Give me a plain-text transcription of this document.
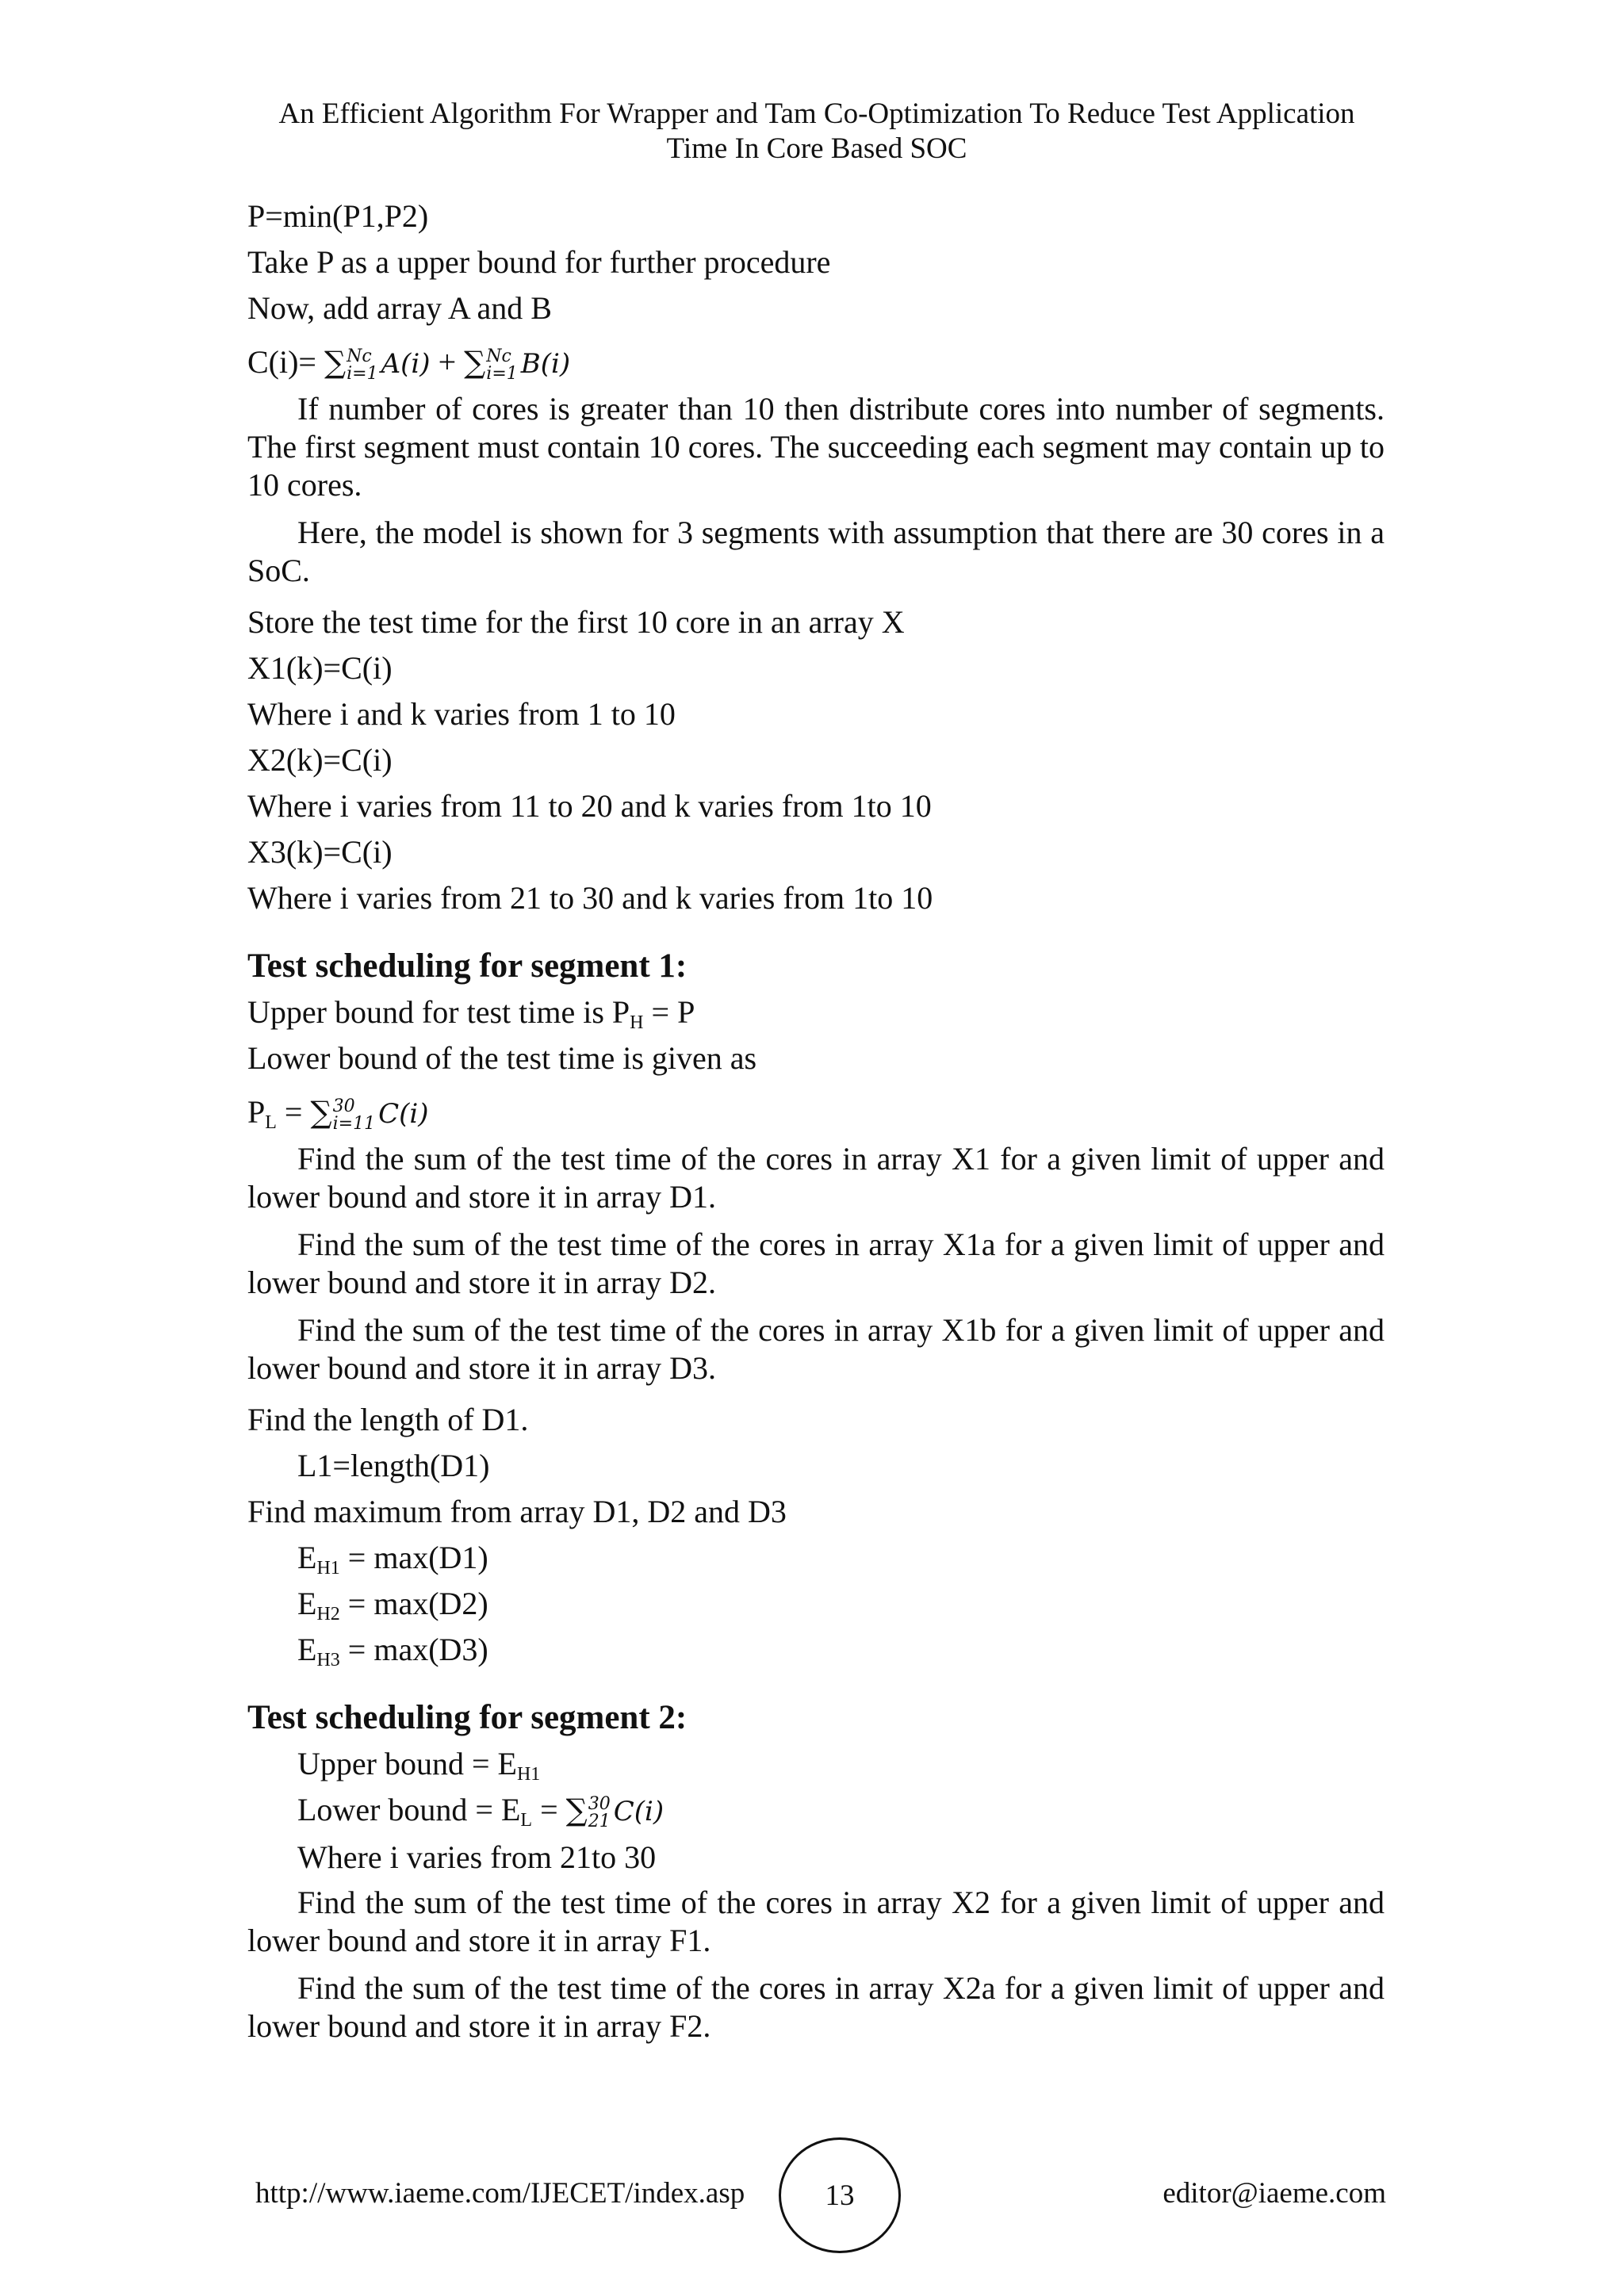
An Efficient Algorithm For Wrapper and Tam Co-Optimization To Reduce Test Application
Time In Core Based SOC
P=min(P1,P2)
Take P as a upper bound for further procedure
Now, add array A and B
C(i)= ∑ Nc
i=1 A(i) + ∑ Nc
i=1 B(i)
If number of cores is greater than 10 then distribute cores into number of segments. The first segment must contain 10 cores. The succeeding each segment may contain up to 10 cores.
Here, the model is shown for 3 segments with assumption that there are 30 cores in a SoC.
Store the test time for the first 10 core in an array X
X1(k)=C(i)
Where i and k varies from 1 to 10
X2(k)=C(i)
Where i varies from 11 to 20 and k varies from 1to 10
X3(k)=C(i)
Where i varies from 21 to 30 and k varies from 1to 10
Test scheduling for segment 1:
Upper bound for test time is $P_H = P$
Lower bound of the test time is given as
$P_L$ = ∑ 30
i=11 C(i)
Find the sum of the test time of the cores in array X1 for a given limit of upper and lower bound and store it in array D1.
Find the sum of the test time of the cores in array X1a for a given limit of upper and lower bound and store it in array D2.
Find the sum of the test time of the cores in array X1b for a given limit of upper and lower bound and store it in array D3.
Find the length of D1.
L1=length(D1)
Find maximum from array D1, D2 and D3
$E_{H1} = \max(D1)$
$E_{H2} = \max(D2)$
$E_{H3} = \max(D3)$
Test scheduling for segment 2:
Upper bound = $E_{H1}$
Lower bound = $E_L$ = ∑ 30
21 C(i)
Where i varies from 21to 30
Find the sum of the test time of the cores in array X2 for a given limit of upper and lower bound and store it in array F1.
Find the sum of the test time of the cores in array X2a for a given limit of upper and lower bound and store it in array F2.
http://www.iaeme.com/IJECET/index.asp	13	editor@iaeme.com
